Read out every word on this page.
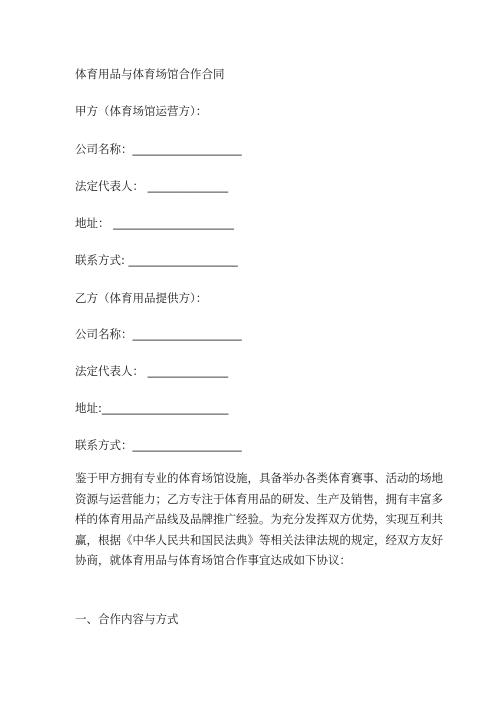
体育用品与体育场馆合作合同
甲方（体育场馆运营方）：
公司名称：___________________
法定代表人： ______________
地址： _____________________
联系方式: ___________________
乙方（体育用品提供方）：
公司名称：___________________
法定代表人： ______________
地址:______________________
联系方式：___________________
鉴于甲方拥有专业的体育场馆设施，具备举办各类体育赛事、活动的场地
资源与运营能力；乙方专注于体育用品的研发、生产及销售，拥有丰富多
样的体育用品产品线及品牌推广经验。为充分发挥双方优势，实现互利共
赢，根据《中华人民共和国民法典》等相关法律法规的规定，经双方友好
协商，就体育用品与体育场馆合作事宜达成如下协议：
一、合作内容与方式
